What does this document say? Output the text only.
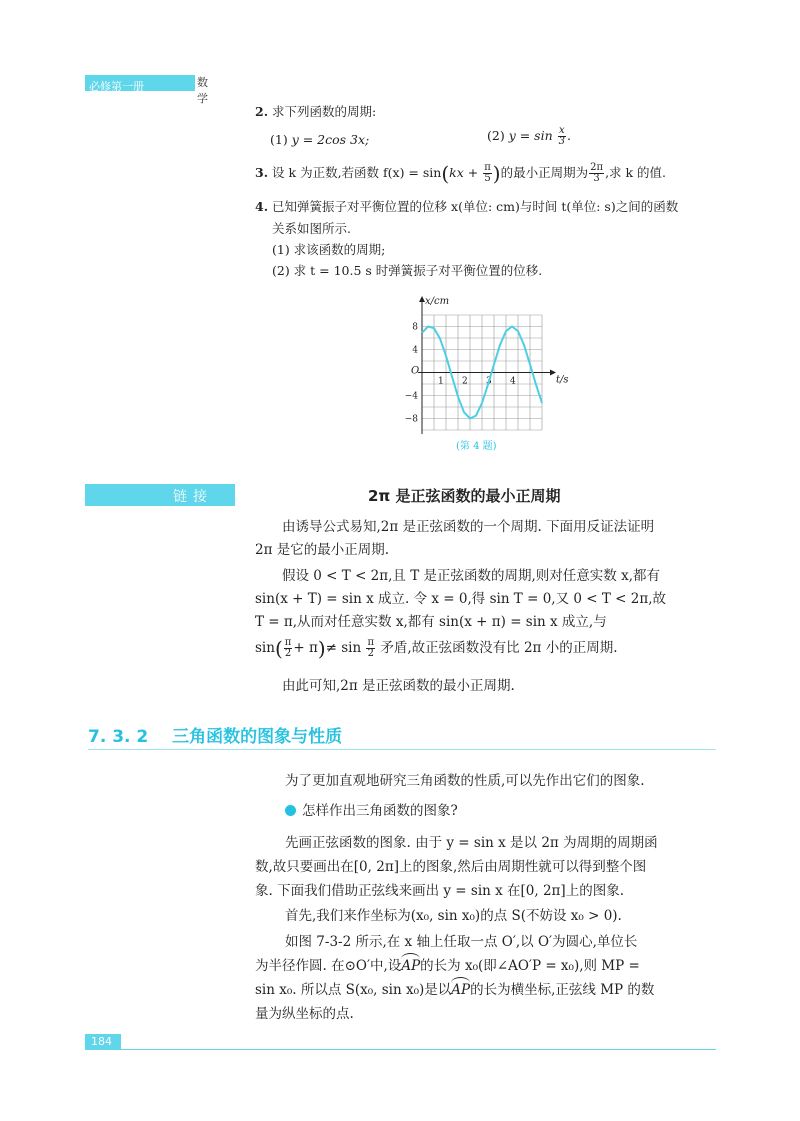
必修第一册	数学
2. 求下列函数的周期:
(1) y = 2cos 3x;	(2) $y = \sin \frac{x}{3}$ .
3. 设 k 为正数,若函数 $f(x) = \sin(kx + \frac{\pi}{5}$ )的最小正周期为 $\frac{2\pi}{3}$ ,求 k 的值.
4. 已知弹簧振子对平衡位置的位移 x(单位: cm)与时间 t(单位: s)之间的函数
关系如图所示.
(1) 求该函数的周期;
(2) 求 t = 10.5 s 时弹簧振子对平衡位置的位移.
1 2 3 4
8
4
−4
−8
x/cm
t/s
O
(第 4 题)
链接	2π 是正弦函数的最小正周期
由诱导公式易知,2π 是正弦函数的一个周期. 下面用反证法证明
2π 是它的最小正周期.
假设 0 < T < 2π,且 T 是正弦函数的周期,则对任意实数 x,都有
sin(x + T) = sin x 成立. 令 x = 0,得 sin T = 0,又 0 < T < 2π,故
T = π,从而对任意实数 x,都有 sin(x + π) = sin x 成立,与
$\sin( \frac{\pi}{2} + \pi)\ne \sin \frac{\pi}{2}$ 矛盾,故正弦函数没有比 2π 小的正周期.
由此可知,2π 是正弦函数的最小正周期.
7. 3. 2 三角函数的图象与性质
为了更加直观地研究三角函数的性质,可以先作出它们的图象.
怎样作出三角函数的图象?
先画正弦函数的图象. 由于 y = sin x 是以 2π 为周期的周期函
数,故只要画出在[0, 2π]上的图象,然后由周期性就可以得到整个图
象. 下面我们借助正弦线来画出 y = sin x 在[0, 2π]上的图象.
首先,我们来作坐标为(x₀, sin x₀)的点 S(不妨设 x₀ > 0).
如图 7-3-2 所示,在 x 轴上任取一点 O′,以 O′为圆心,单位长
为半径作圆. 在⊙O′中,设AP的长为 x₀(即∠AO′P = x₀),则 MP =
sin x₀. 所以点 S(x₀, sin x₀)是以AP的长为横坐标,正弦线 MP 的数
量为纵坐标的点.
184
